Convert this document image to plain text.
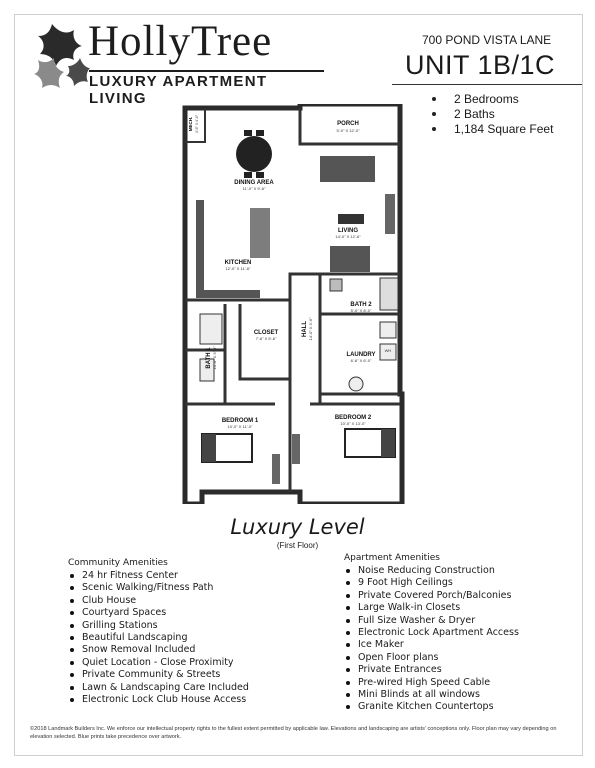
HollyTree
LUXURY APARTMENT LIVING
700 POND VISTA LANE
UNIT 1B/1C
2 Bedrooms
2 Baths
1,184 Square Feet
PORCH
DINING AREA
LIVING
KITCHEN
BATH 2
CLOSET
LAUNDRY
BEDROOM 1	BEDROOM 2
HALL
BATH 1
MECH.	5'-0" X 12'-0"
11'-0" X 9'-6"
14'-0" X 12'-6"
12'-0" X 11'-6"
5'-0" X 8'-0"
7'-6" X 5'-6"
6'-6" X 6'-0"
10'-0" X 11'-0"
10'-0" X 13'-0"
14'-0" X 3'-6"
10'-0" X 5'-0"
4'-6" X 4'-0"
WH
Luxury Level
(First Floor)
Community Amenities
24 hr Fitness Center
Scenic Walking/Fitness Path
Club House
Courtyard Spaces
Grilling Stations
Beautiful Landscaping
Snow Removal Included
Quiet Location - Close Proximity
Private Community & Streets
Lawn & Landscaping Care Included
Electronic Lock Club House Access
Apartment Amenities
Noise Reducing Construction
9 Foot High Ceilings
Private Covered Porch/Balconies
Large Walk-in Closets
Full Size Washer & Dryer
Electronic Lock Apartment Access
Ice Maker
Open Floor plans
Private Entrances
Pre-wired High Speed Cable
Mini Blinds at all windows
Granite Kitchen Countertops
©2018 Landmark Builders Inc. We enforce our intellectual property rights to the fullest extent permitted by applicable law. Elevations and landscaping are artists' conceptions only. Floor plan may vary depending on elevation selected. Blue prints take precedence over artwork.
